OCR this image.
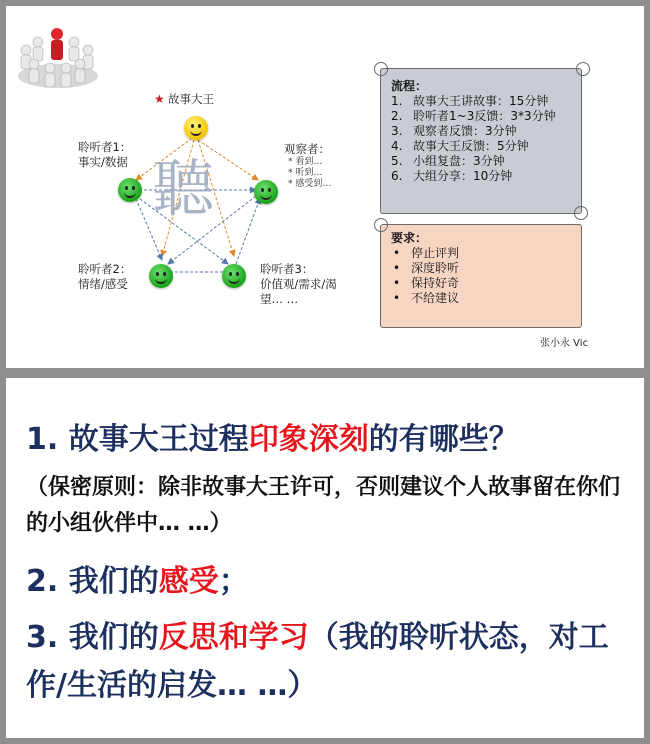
聽
★ 故事大王
聆听者1：
事实/数据
观察者：
* 看到…
* 听到…
* 感受到…
聆听者2：
情绪/感受
聆听者3：
价值观/需求/渴
望… …
流程：
1. 故事大王讲故事：15分钟
2. 聆听者1~3反馈：3*3分钟
3. 观察者反馈：3分钟
4. 故事大王反馈：5分钟
5. 小组复盘：3分钟
6. 大组分享：10分钟
要求：
• 停止评判
• 深度聆听
• 保持好奇
• 不给建议
张小永 Vic
1. 故事大王过程印象深刻的有哪些？
（保密原则：除非故事大王许可，否则建议个人故事留在你们的小组伙伴中… …）
2. 我们的感受；
3. 我们的反思和学习（我的聆听状态，对工作/生活的启发… …）
